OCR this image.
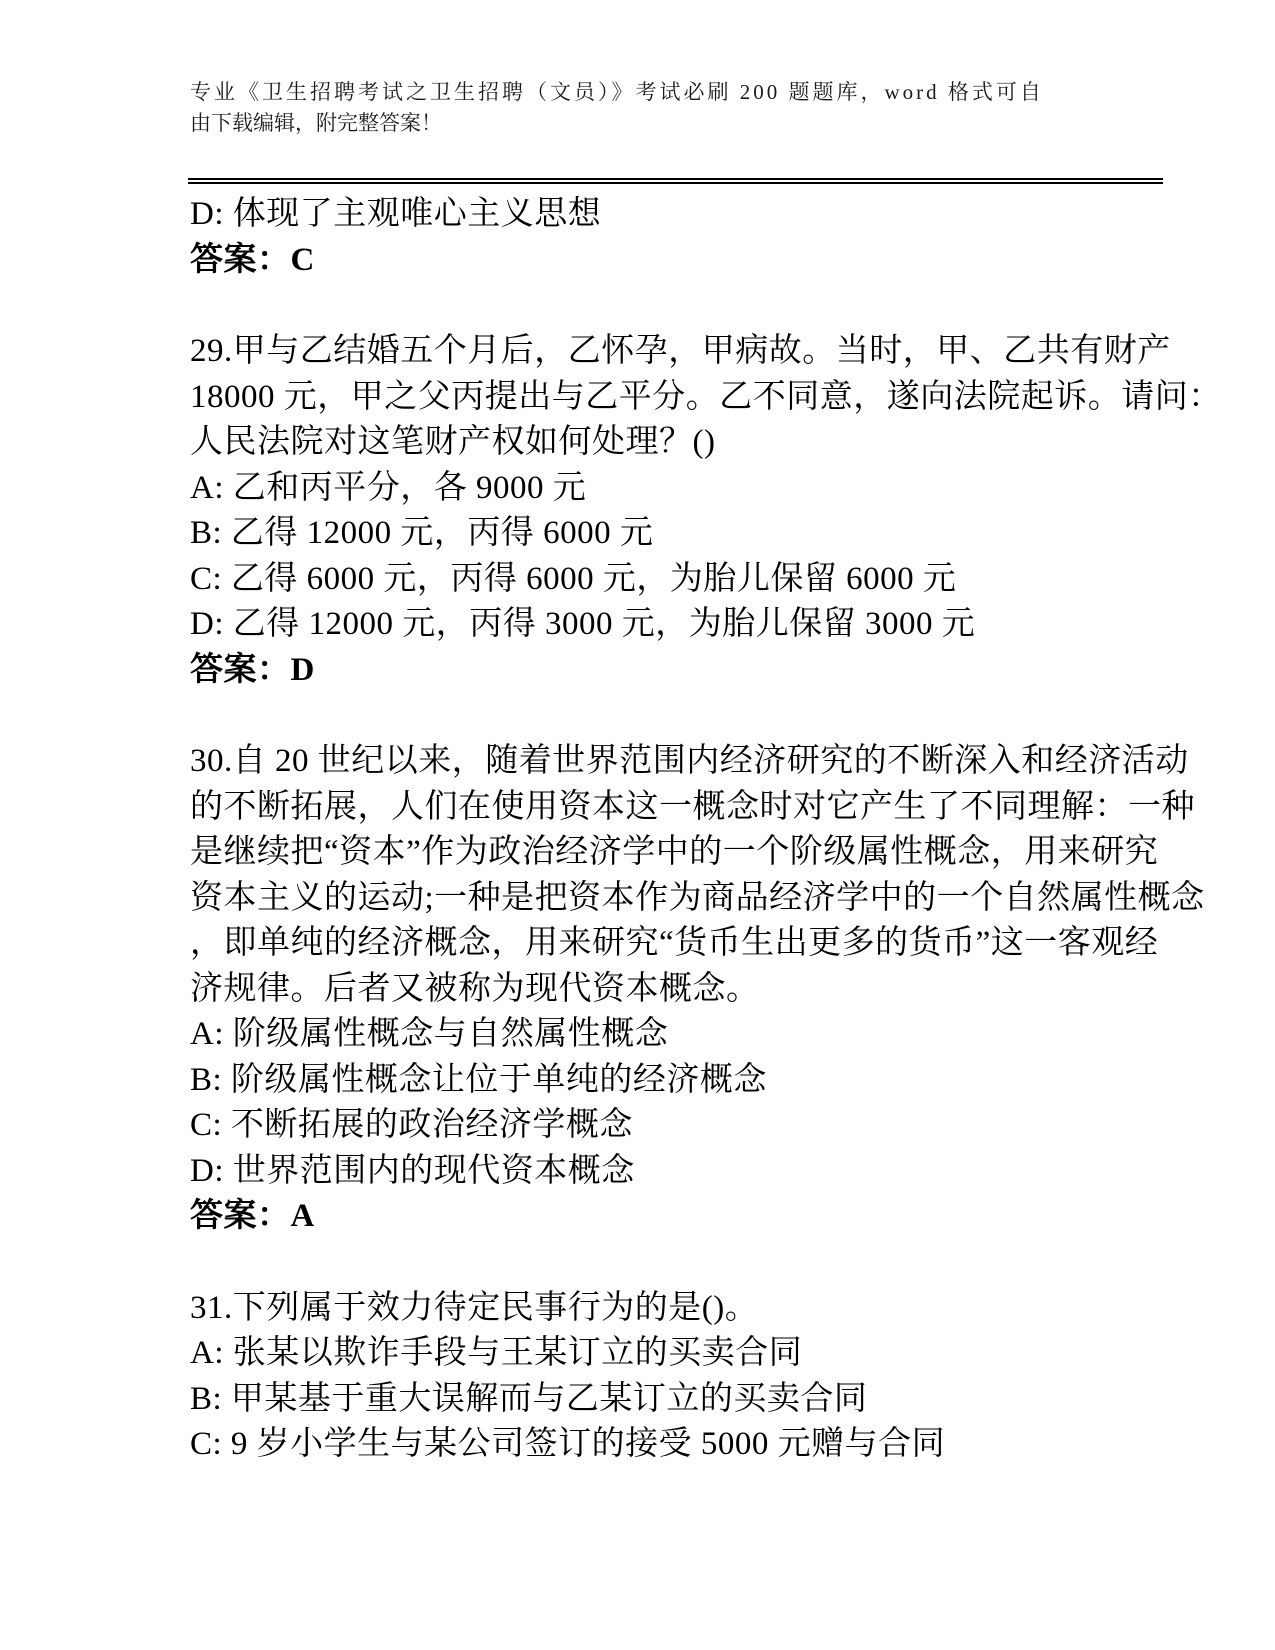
专业《卫生招聘考试之卫生招聘（文员）》考试必刷 200 题题库，word 格式可自
由下载编辑，附完整答案！
D: 体现了主观唯心主义思想
答案：C
29.甲与乙结婚五个月后，乙怀孕，甲病故。当时，甲、乙共有财产
18000 元，甲之父丙提出与乙平分。乙不同意，遂向法院起诉。请问：
人民法院对这笔财产权如何处理？()
A: 乙和丙平分，各 9000 元
B: 乙得 12000 元，丙得 6000 元
C: 乙得 6000 元，丙得 6000 元，为胎儿保留 6000 元
D: 乙得 12000 元，丙得 3000 元，为胎儿保留 3000 元
答案：D
30.自 20 世纪以来，随着世界范围内经济研究的不断深入和经济活动
的不断拓展，人们在使用资本这一概念时对它产生了不同理解：一种
是继续把“资本”作为政治经济学中的一个阶级属性概念，用来研究
资本主义的运动;一种是把资本作为商品经济学中的一个自然属性概念
，即单纯的经济概念，用来研究“货币生出更多的货币”这一客观经
济规律。后者又被称为现代资本概念。
A: 阶级属性概念与自然属性概念
B: 阶级属性概念让位于单纯的经济概念
C: 不断拓展的政治经济学概念
D: 世界范围内的现代资本概念
答案：A
31.下列属于效力待定民事行为的是()。
A: 张某以欺诈手段与王某订立的买卖合同
B: 甲某基于重大误解而与乙某订立的买卖合同
C: 9 岁小学生与某公司签订的接受 5000 元赠与合同
